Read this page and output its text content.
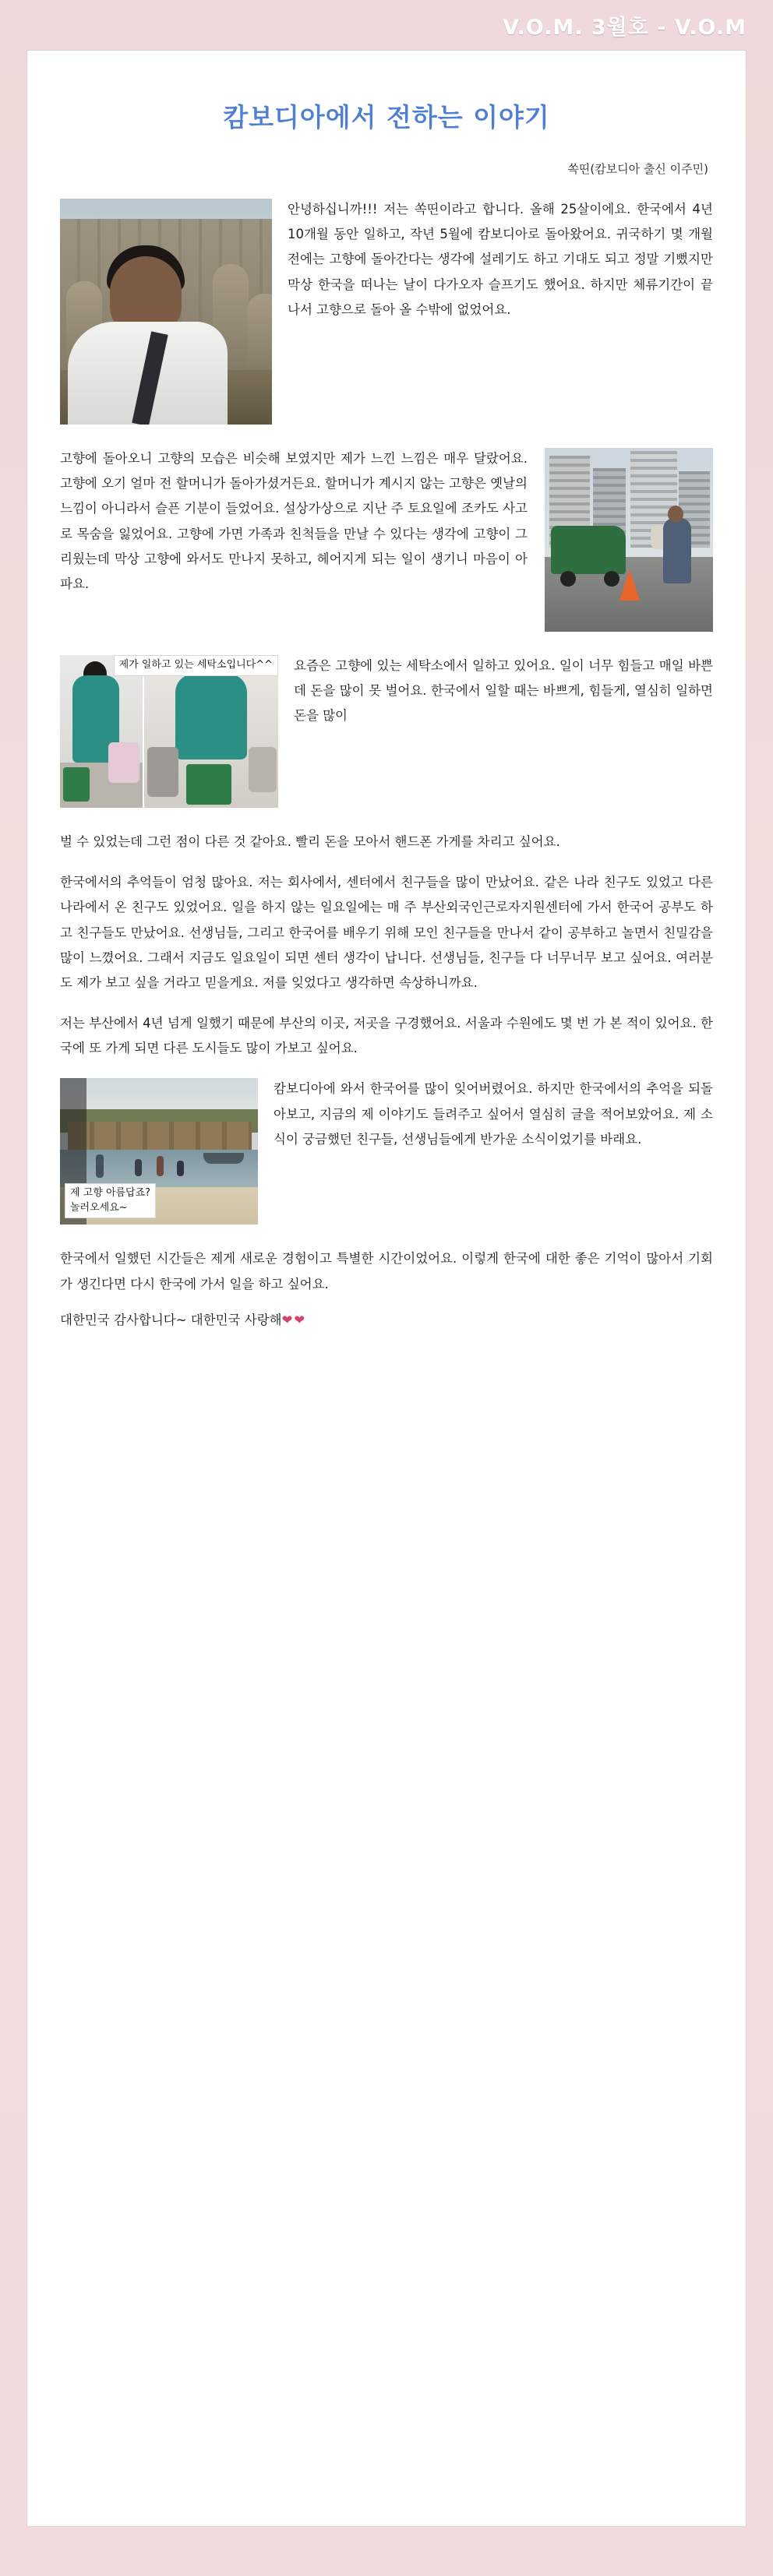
V.O.M. 3월호 - V.O.M
캄보디아에서 전하는 이야기
쏙띤(캄보디아 출신 이주민)

안녕하십니까!!! 저는 쏙띤이라고 합니다. 올해 25살이에요. 한국에서 4년 10개월 동안 일하고, 작년 5월에 캄보디아로 돌아왔어요. 귀국하기 몇 개월 전에는 고향에 돌아간다는 생각에 설레기도 하고 기대도 되고 정말 기뻤지만 막상 한국을 떠나는 날이 다가오자 슬프기도 했어요. 하지만 체류기간이 끝나서 고향으로 돌아 올 수밖에 없었어요.

고향에 돌아오니 고향의 모습은 비슷해 보였지만 제가 느낀 느낌은 매우 달랐어요. 고향에 오기 얼마 전 할머니가 돌아가셨거든요. 할머니가 계시지 않는 고향은 옛날의 느낌이 아니라서 슬픈 기분이 들었어요. 설상가상으로 지난 주 토요일에 조카도 사고로 목숨을 잃었어요. 고향에 가면 가족과 친척들을 만날 수 있다는 생각에 고향이 그리웠는데 막상 고향에 와서도 만나지 못하고, 헤어지게 되는 일이 생기니 마음이 아파요.

제가 일하고 있는 세탁소입니다^^	요즘은 고향에 있는 세탁소에서 일하고 있어요. 일이 너무 힘들고 매일 바쁜데 돈을 많이 못 벌어요. 한국에서 일할 때는 바쁘게, 힘들게, 열심히 일하면 돈을 많이

벌 수 있었는데 그런 점이 다른 것 같아요. 빨리 돈을 모아서 핸드폰 가게를 차리고 싶어요.

한국에서의 추억들이 엄청 많아요. 저는 회사에서, 센터에서 친구들을 많이 만났어요. 같은 나라 친구도 있었고 다른 나라에서 온 친구도 있었어요. 일을 하지 않는 일요일에는 매 주 부산외국인근로자지원센터에 가서 한국어 공부도 하고 친구들도 만났어요. 선생님들, 그리고 한국어를 배우기 위해 모인 친구들을 만나서 같이 공부하고 놀면서 친밀감을 많이 느꼈어요. 그래서 지금도 일요일이 되면 센터 생각이 납니다. 선생님들, 친구들 다 너무너무 보고 싶어요. 여러분도 제가 보고 싶을 거라고 믿을게요. 저를 잊었다고 생각하면 속상하니까요.

저는 부산에서 4년 넘게 일했기 때문에 부산의 이곳, 저곳을 구경했어요. 서울과 수원에도 몇 번 가 본 적이 있어요. 한국에 또 가게 되면 다른 도시들도 많이 가보고 싶어요.

제 고향 아름답죠?
놀러오세요~

캄보디아에 와서 한국어를 많이 잊어버렸어요. 하지만 한국에서의 추억을 되돌아보고, 지금의 제 이야기도 들려주고 싶어서 열심히 글을 적어보았어요. 제 소식이 궁금했던 친구들, 선생님들에게 반가운 소식이었기를 바래요.

한국에서 일했던 시간들은 제게 새로운 경험이고 특별한 시간이었어요. 이렇게 한국에 대한 좋은 기억이 많아서 기회가 생긴다면 다시 한국에 가서 일을 하고 싶어요.

대한민국 감사합니다~ 대한민국 사랑해❤❤
